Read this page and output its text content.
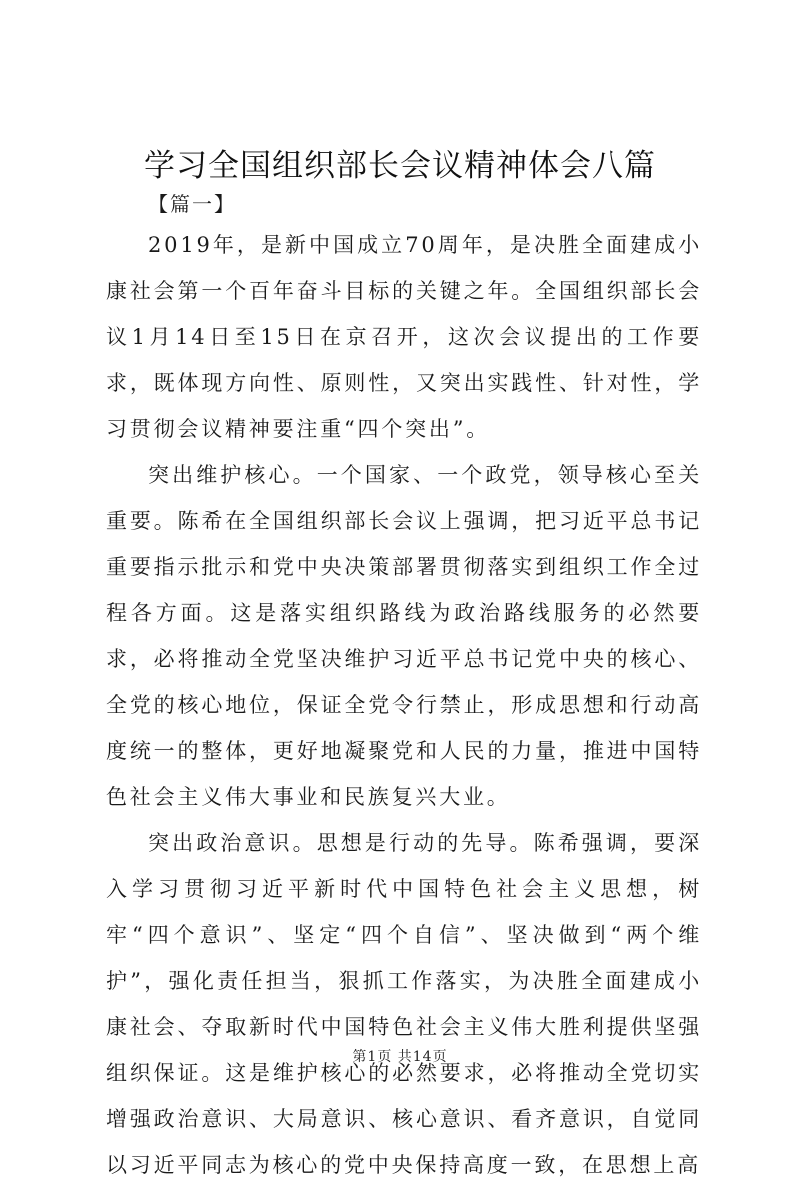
学习全国组织部长会议精神体会八篇

【篇一】

2019年，是新中国成立70周年，是决胜全面建成小康社会第一个百年奋斗目标的关键之年。全国组织部长会议1月14日至15日在京召开，这次会议提出的工作要求，既体现方向性、原则性，又突出实践性、针对性，学习贯彻会议精神要注重“四个突出”。

突出维护核心。一个国家、一个政党，领导核心至关重要。陈希在全国组织部长会议上强调，把习近平总书记重要指示批示和党中央决策部署贯彻落实到组织工作全过程各方面。这是落实组织路线为政治路线服务的必然要求，必将推动全党坚决维护习近平总书记党中央的核心、全党的核心地位，保证全党令行禁止，形成思想和行动高度统一的整体，更好地凝聚党和人民的力量，推进中国特色社会主义伟大事业和民族复兴大业。

突出政治意识。思想是行动的先导。陈希强调，要深入学习贯彻习近平新时代中国特色社会主义思想，树牢“四个意识”、坚定“四个自信”、坚决做到“两个维护”，强化责任担当，狠抓工作落实，为决胜全面建成小康社会、夺取新时代中国特色社会主义伟大胜利提供坚强组织保证。这是维护核心的必然要求，必将推动全党切实增强政治意识、大局意识、核心意识、看齐意识，自觉同以习近平同志为核心的党中央保持高度一致，在思想上高

第1页 共14页
